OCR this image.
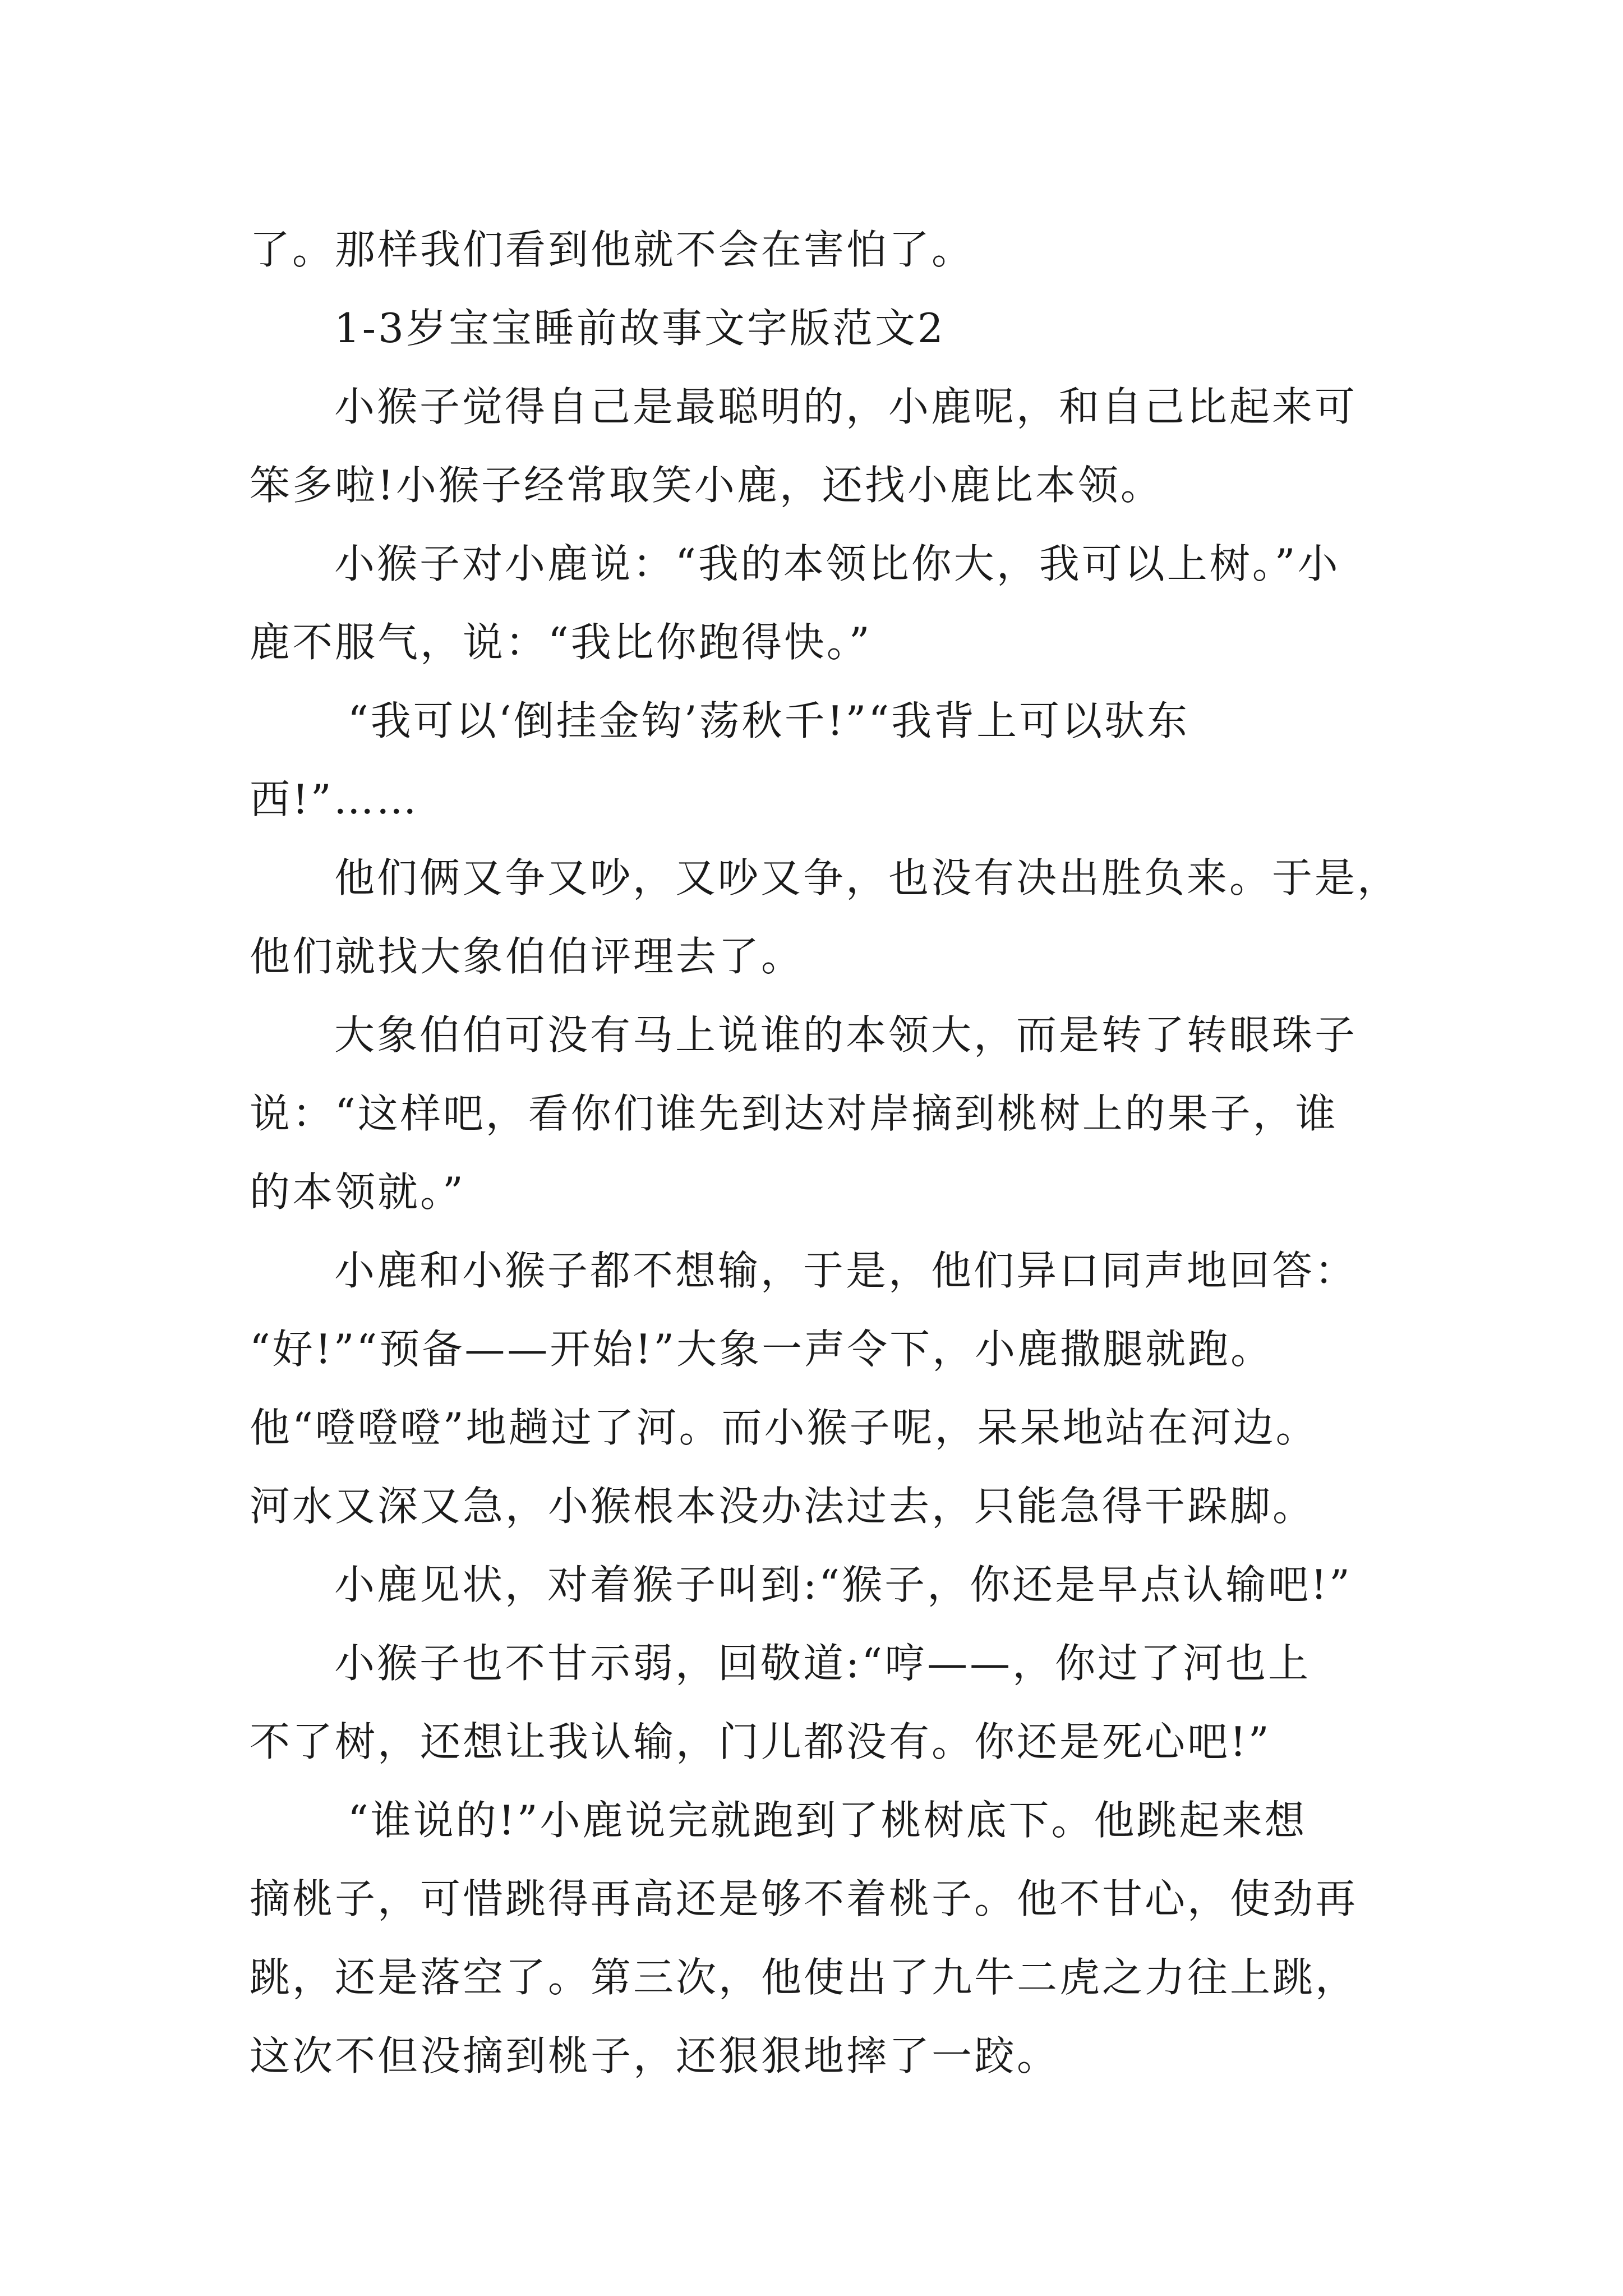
了。那样我们看到他就不会在害怕了。
1-3岁宝宝睡前故事文字版范文2
小猴子觉得自己是最聪明的，小鹿呢，和自己比起来可
笨多啦!小猴子经常取笑小鹿，还找小鹿比本领。
小猴子对小鹿说：“我的本领比你大，我可以上树。”小
鹿不服气，说：“我比你跑得快。”
“我可以‘倒挂金钩’荡秋千!”“我背上可以驮东
西!”……
他们俩又争又吵，又吵又争，也没有决出胜负来。于是，
他们就找大象伯伯评理去了。
大象伯伯可没有马上说谁的本领大，而是转了转眼珠子
说：“这样吧，看你们谁先到达对岸摘到桃树上的果子，谁
的本领就。”
小鹿和小猴子都不想输，于是，他们异口同声地回答：
“好!”“预备——开始!”大象一声令下，小鹿撒腿就跑。
他“噔噔噔”地趟过了河。而小猴子呢，呆呆地站在河边。
河水又深又急，小猴根本没办法过去，只能急得干跺脚。
小鹿见状，对着猴子叫到:“猴子，你还是早点认输吧!”
小猴子也不甘示弱，回敬道:“哼——，你过了河也上
不了树，还想让我认输，门儿都没有。你还是死心吧!”
“谁说的!”小鹿说完就跑到了桃树底下。他跳起来想
摘桃子，可惜跳得再高还是够不着桃子。他不甘心，使劲再
跳，还是落空了。第三次，他使出了九牛二虎之力往上跳，
这次不但没摘到桃子，还狠狠地摔了一跤。
